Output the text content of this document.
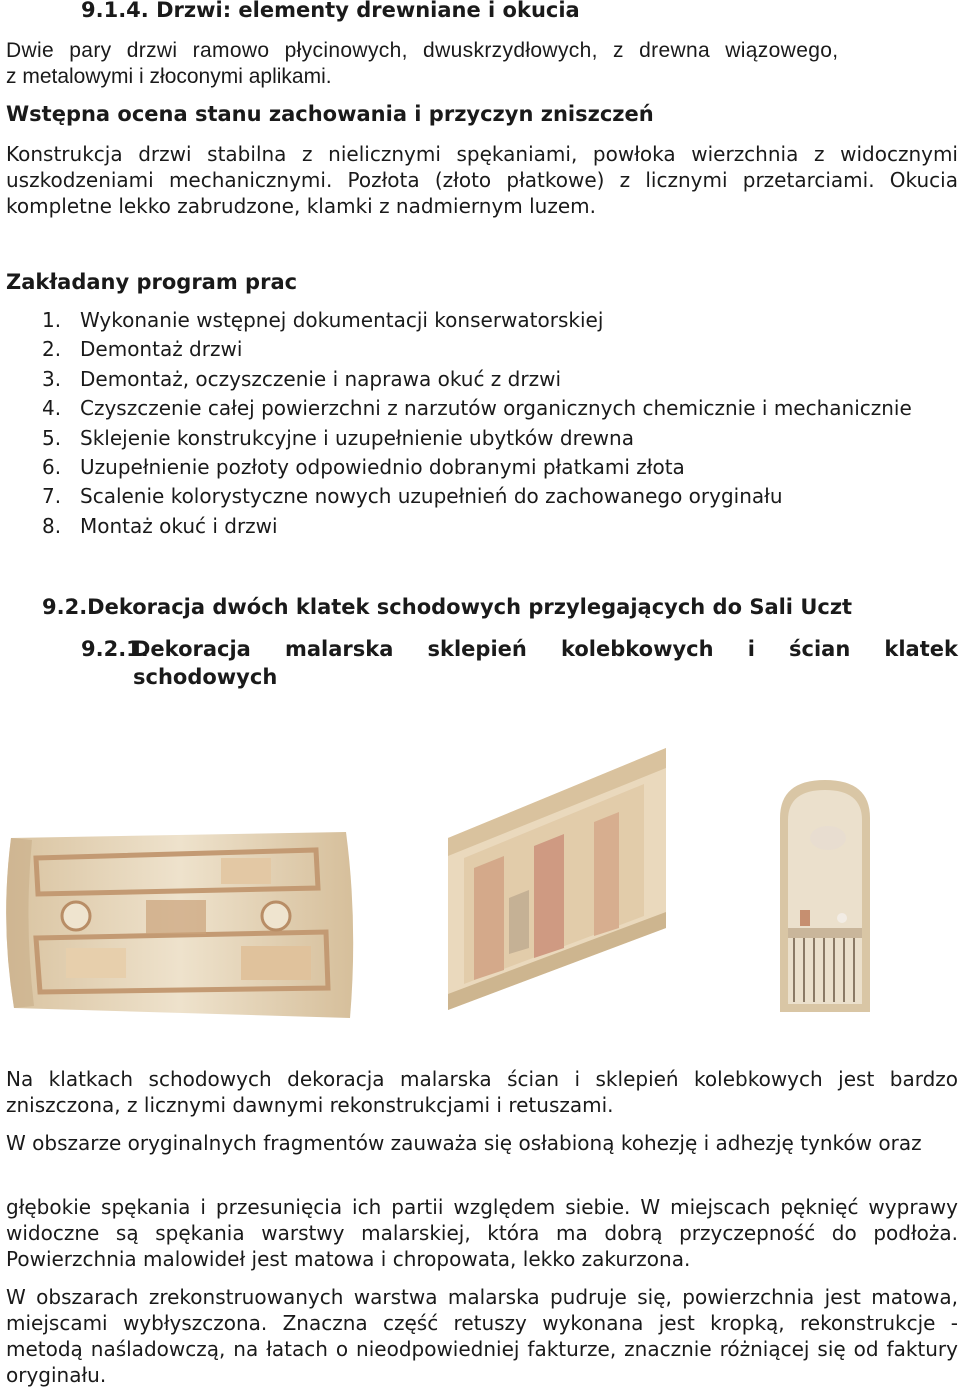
9.1.4. Drzwi: elementy drewniane i okucia
Dwie pary drzwi ramowo płycinowych, dwuskrzydłowych, z drewna wiązowego,
z metalowymi i złoconymi aplikami.
Wstępna ocena stanu zachowania i przyczyn zniszczeń
Konstrukcja drzwi stabilna z nielicznymi spękaniami, powłoka wierzchnia z widocznymi uszkodzeniami mechanicznymi. Pozłota (złoto płatkowe) z licznymi przetarciami. Okucia kompletne lekko zabrudzone, klamki z nadmiernym luzem.
Zakładany program prac
1. Wykonanie wstępnej dokumentacji konserwatorskiej
2. Demontaż drzwi
3. Demontaż, oczyszczenie i naprawa okuć z drzwi
4. Czyszczenie całej powierzchni z narzutów organicznych chemicznie i mechanicznie
5. Sklejenie konstrukcyjne i uzupełnienie ubytków drewna
6. Uzupełnienie pozłoty odpowiednio dobranymi płatkami złota
7. Scalenie kolorystyczne nowych uzupełnień do zachowanego oryginału
8. Montaż okuć i drzwi
9.2.Dekoracja dwóch klatek schodowych przylegających do Sali Uczt
9.2.1.
Dekoracja malarska sklepień kolebkowych i ścian klatek
schodowych
Na klatkach schodowych dekoracja malarska ścian i sklepień kolebkowych jest bardzo zniszczona, z licznymi dawnymi rekonstrukcjami i retuszami.
W obszarze oryginalnych fragmentów zauważa się osłabioną kohezję i adhezję tynków oraz
głębokie spękania i przesunięcia ich partii względem siebie. W miejscach pęknięć wyprawy widoczne są spękania warstwy malarskiej, która ma dobrą przyczepność do podłoża. Powierzchnia malowideł jest matowa i chropowata, lekko zakurzona.
W obszarach zrekonstruowanych warstwa malarska pudruje się, powierzchnia jest matowa, miejscami wybłyszczona. Znaczna część retuszy wykonana jest kropką, rekonstrukcje - metodą naśladowczą, na łatach o nieodpowiedniej fakturze, znacznie różniącej się od faktury oryginału.
